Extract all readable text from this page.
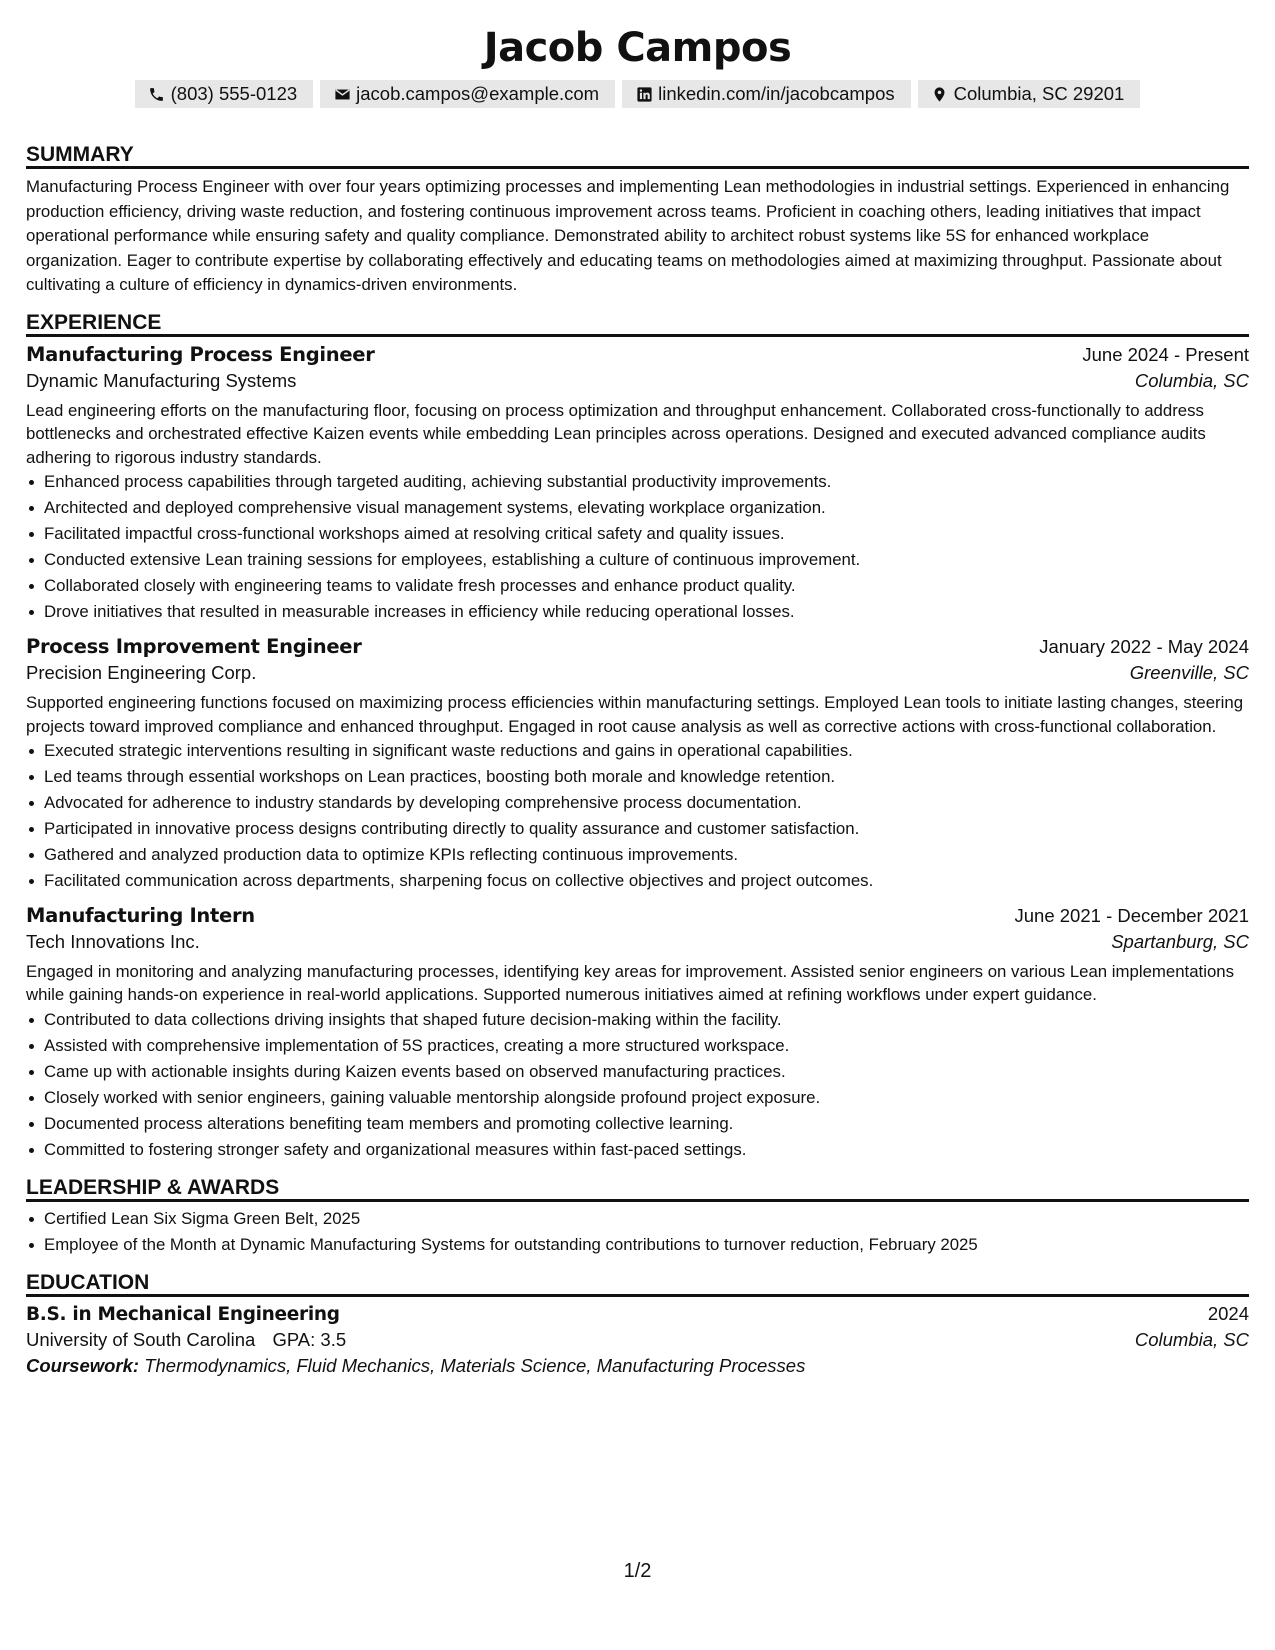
Jacob Campos
(803) 555-0123	jacob.campos@example.com	linkedin.com/in/jacobcampos	Columbia, SC 29201
SUMMARY
Manufacturing Process Engineer with over four years optimizing processes and implementing Lean methodologies in industrial settings. Experienced in enhancing production efficiency, driving waste reduction, and fostering continuous improvement across teams. Proficient in coaching others, leading initiatives that impact operational performance while ensuring safety and quality compliance. Demonstrated ability to architect robust systems like 5S for enhanced workplace organization. Eager to contribute expertise by collaborating effectively and educating teams on methodologies aimed at maximizing throughput. Passionate about cultivating a culture of efficiency in dynamics-driven environments.
EXPERIENCE
Manufacturing Process Engineer	June 2024 - Present
Dynamic Manufacturing Systems	Columbia, SC
Lead engineering efforts on the manufacturing floor, focusing on process optimization and throughput enhancement. Collaborated cross-functionally to address bottlenecks and orchestrated effective Kaizen events while embedding Lean principles across operations. Designed and executed advanced compliance audits adhering to rigorous industry standards.
Enhanced process capabilities through targeted auditing, achieving substantial productivity improvements.
Architected and deployed comprehensive visual management systems, elevating workplace organization.
Facilitated impactful cross-functional workshops aimed at resolving critical safety and quality issues.
Conducted extensive Lean training sessions for employees, establishing a culture of continuous improvement.
Collaborated closely with engineering teams to validate fresh processes and enhance product quality.
Drove initiatives that resulted in measurable increases in efficiency while reducing operational losses.
Process Improvement Engineer	January 2022 - May 2024
Precision Engineering Corp.	Greenville, SC
Supported engineering functions focused on maximizing process efficiencies within manufacturing settings. Employed Lean tools to initiate lasting changes, steering projects toward improved compliance and enhanced throughput. Engaged in root cause analysis as well as corrective actions with cross-functional collaboration.
Executed strategic interventions resulting in significant waste reductions and gains in operational capabilities.
Led teams through essential workshops on Lean practices, boosting both morale and knowledge retention.
Advocated for adherence to industry standards by developing comprehensive process documentation.
Participated in innovative process designs contributing directly to quality assurance and customer satisfaction.
Gathered and analyzed production data to optimize KPIs reflecting continuous improvements.
Facilitated communication across departments, sharpening focus on collective objectives and project outcomes.
Manufacturing Intern	June 2021 - December 2021
Tech Innovations Inc.	Spartanburg, SC
Engaged in monitoring and analyzing manufacturing processes, identifying key areas for improvement. Assisted senior engineers on various Lean implementations while gaining hands-on experience in real-world applications. Supported numerous initiatives aimed at refining workflows under expert guidance.
Contributed to data collections driving insights that shaped future decision-making within the facility.
Assisted with comprehensive implementation of 5S practices, creating a more structured workspace.
Came up with actionable insights during Kaizen events based on observed manufacturing practices.
Closely worked with senior engineers, gaining valuable mentorship alongside profound project exposure.
Documented process alterations benefiting team members and promoting collective learning.
Committed to fostering stronger safety and organizational measures within fast-paced settings.
LEADERSHIP & AWARDS
Certified Lean Six Sigma Green Belt, 2025
Employee of the Month at Dynamic Manufacturing Systems for outstanding contributions to turnover reduction, February 2025
EDUCATION
B.S. in Mechanical Engineering	2024
University of South Carolina GPA: 3.5	Columbia, SC
Coursework: Thermodynamics, Fluid Mechanics, Materials Science, Manufacturing Processes
1/2
